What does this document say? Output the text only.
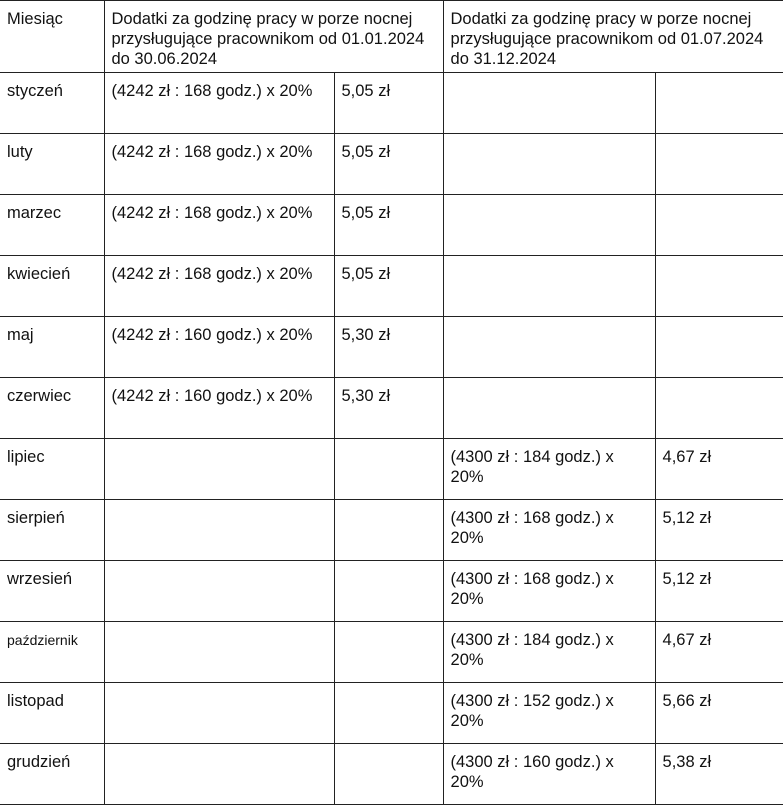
Miesiąc	Dodatki za godzinę pracy w porze nocnej przysługujące pracownikom od 01.01.2024 do 30.06.2024		Dodatki za godzinę pracy w porze nocnej przysługujące pracownikom od 01.07.2024 do 31.12.2024	
styczeń	(4242 zł : 168 godz.) x 20%	5,05 zł		
luty	(4242 zł : 168 godz.) x 20%	5,05 zł		
marzec	(4242 zł : 168 godz.) x 20%	5,05 zł		
kwiecień	(4242 zł : 168 godz.) x 20%	5,05 zł		
maj	(4242 zł : 160 godz.) x 20%	5,30 zł		
czerwiec	(4242 zł : 160 godz.) x 20%	5,30 zł		
lipiec			(4300 zł : 184 godz.) x 20%	4,67 zł
sierpień			(4300 zł : 168 godz.) x 20%	5,12 zł
wrzesień			(4300 zł : 168 godz.) x 20%	5,12 zł
październik			(4300 zł : 184 godz.) x 20%	4,67 zł
listopad			(4300 zł : 152 godz.) x 20%	5,66 zł
grudzień			(4300 zł : 160 godz.) x 20%	5,38 zł
